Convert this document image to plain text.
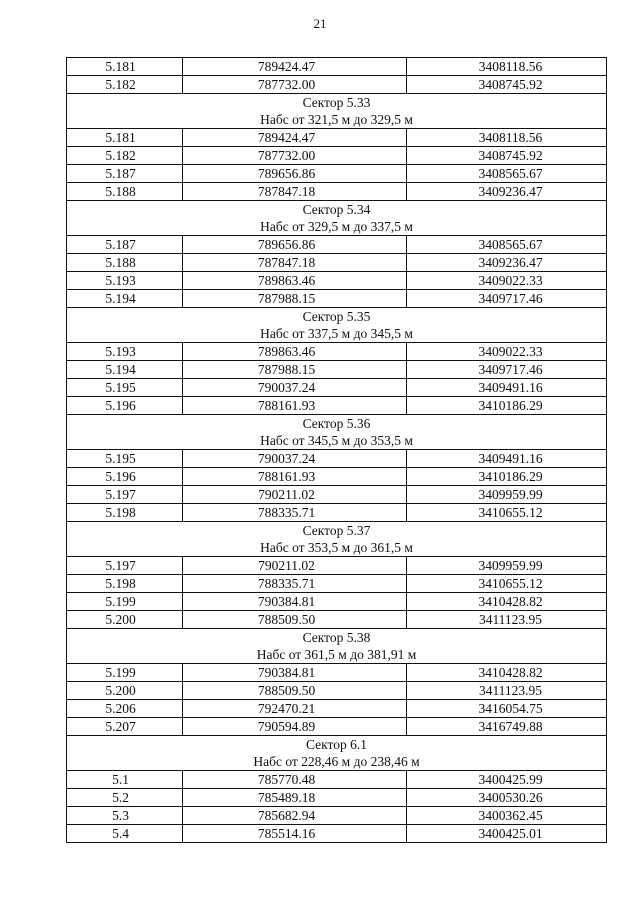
21
5.181	789424.47	3408118.56
5.182	787732.00	3408745.92
Сектор 5.33		
Набс от 321,5 м до 329,5 м		
5.181	789424.47	3408118.56
5.182	787732.00	3408745.92
5.187	789656.86	3408565.67
5.188	787847.18	3409236.47
Сектор 5.34		
Набс от 329,5 м до 337,5 м		
5.187	789656.86	3408565.67
5.188	787847.18	3409236.47
5.193	789863.46	3409022.33
5.194	787988.15	3409717.46
Сектор 5.35		
Набс от 337,5 м до 345,5 м		
5.193	789863.46	3409022.33
5.194	787988.15	3409717.46
5.195	790037.24	3409491.16
5.196	788161.93	3410186.29
Сектор 5.36		
Набс от 345,5 м до 353,5 м		
5.195	790037.24	3409491.16
5.196	788161.93	3410186.29
5.197	790211.02	3409959.99
5.198	788335.71	3410655.12
Сектор 5.37		
Набс от 353,5 м до 361,5 м		
5.197	790211.02	3409959.99
5.198	788335.71	3410655.12
5.199	790384.81	3410428.82
5.200	788509.50	3411123.95
Сектор 5.38		
Набс от 361,5 м до 381,91 м		
5.199	790384.81	3410428.82
5.200	788509.50	3411123.95
5.206	792470.21	3416054.75
5.207	790594.89	3416749.88
Сектор 6.1		
Набс от 228,46 м до 238,46 м		
5.1	785770.48	3400425.99
5.2	785489.18	3400530.26
5.3	785682.94	3400362.45
5.4	785514.16	3400425.01
